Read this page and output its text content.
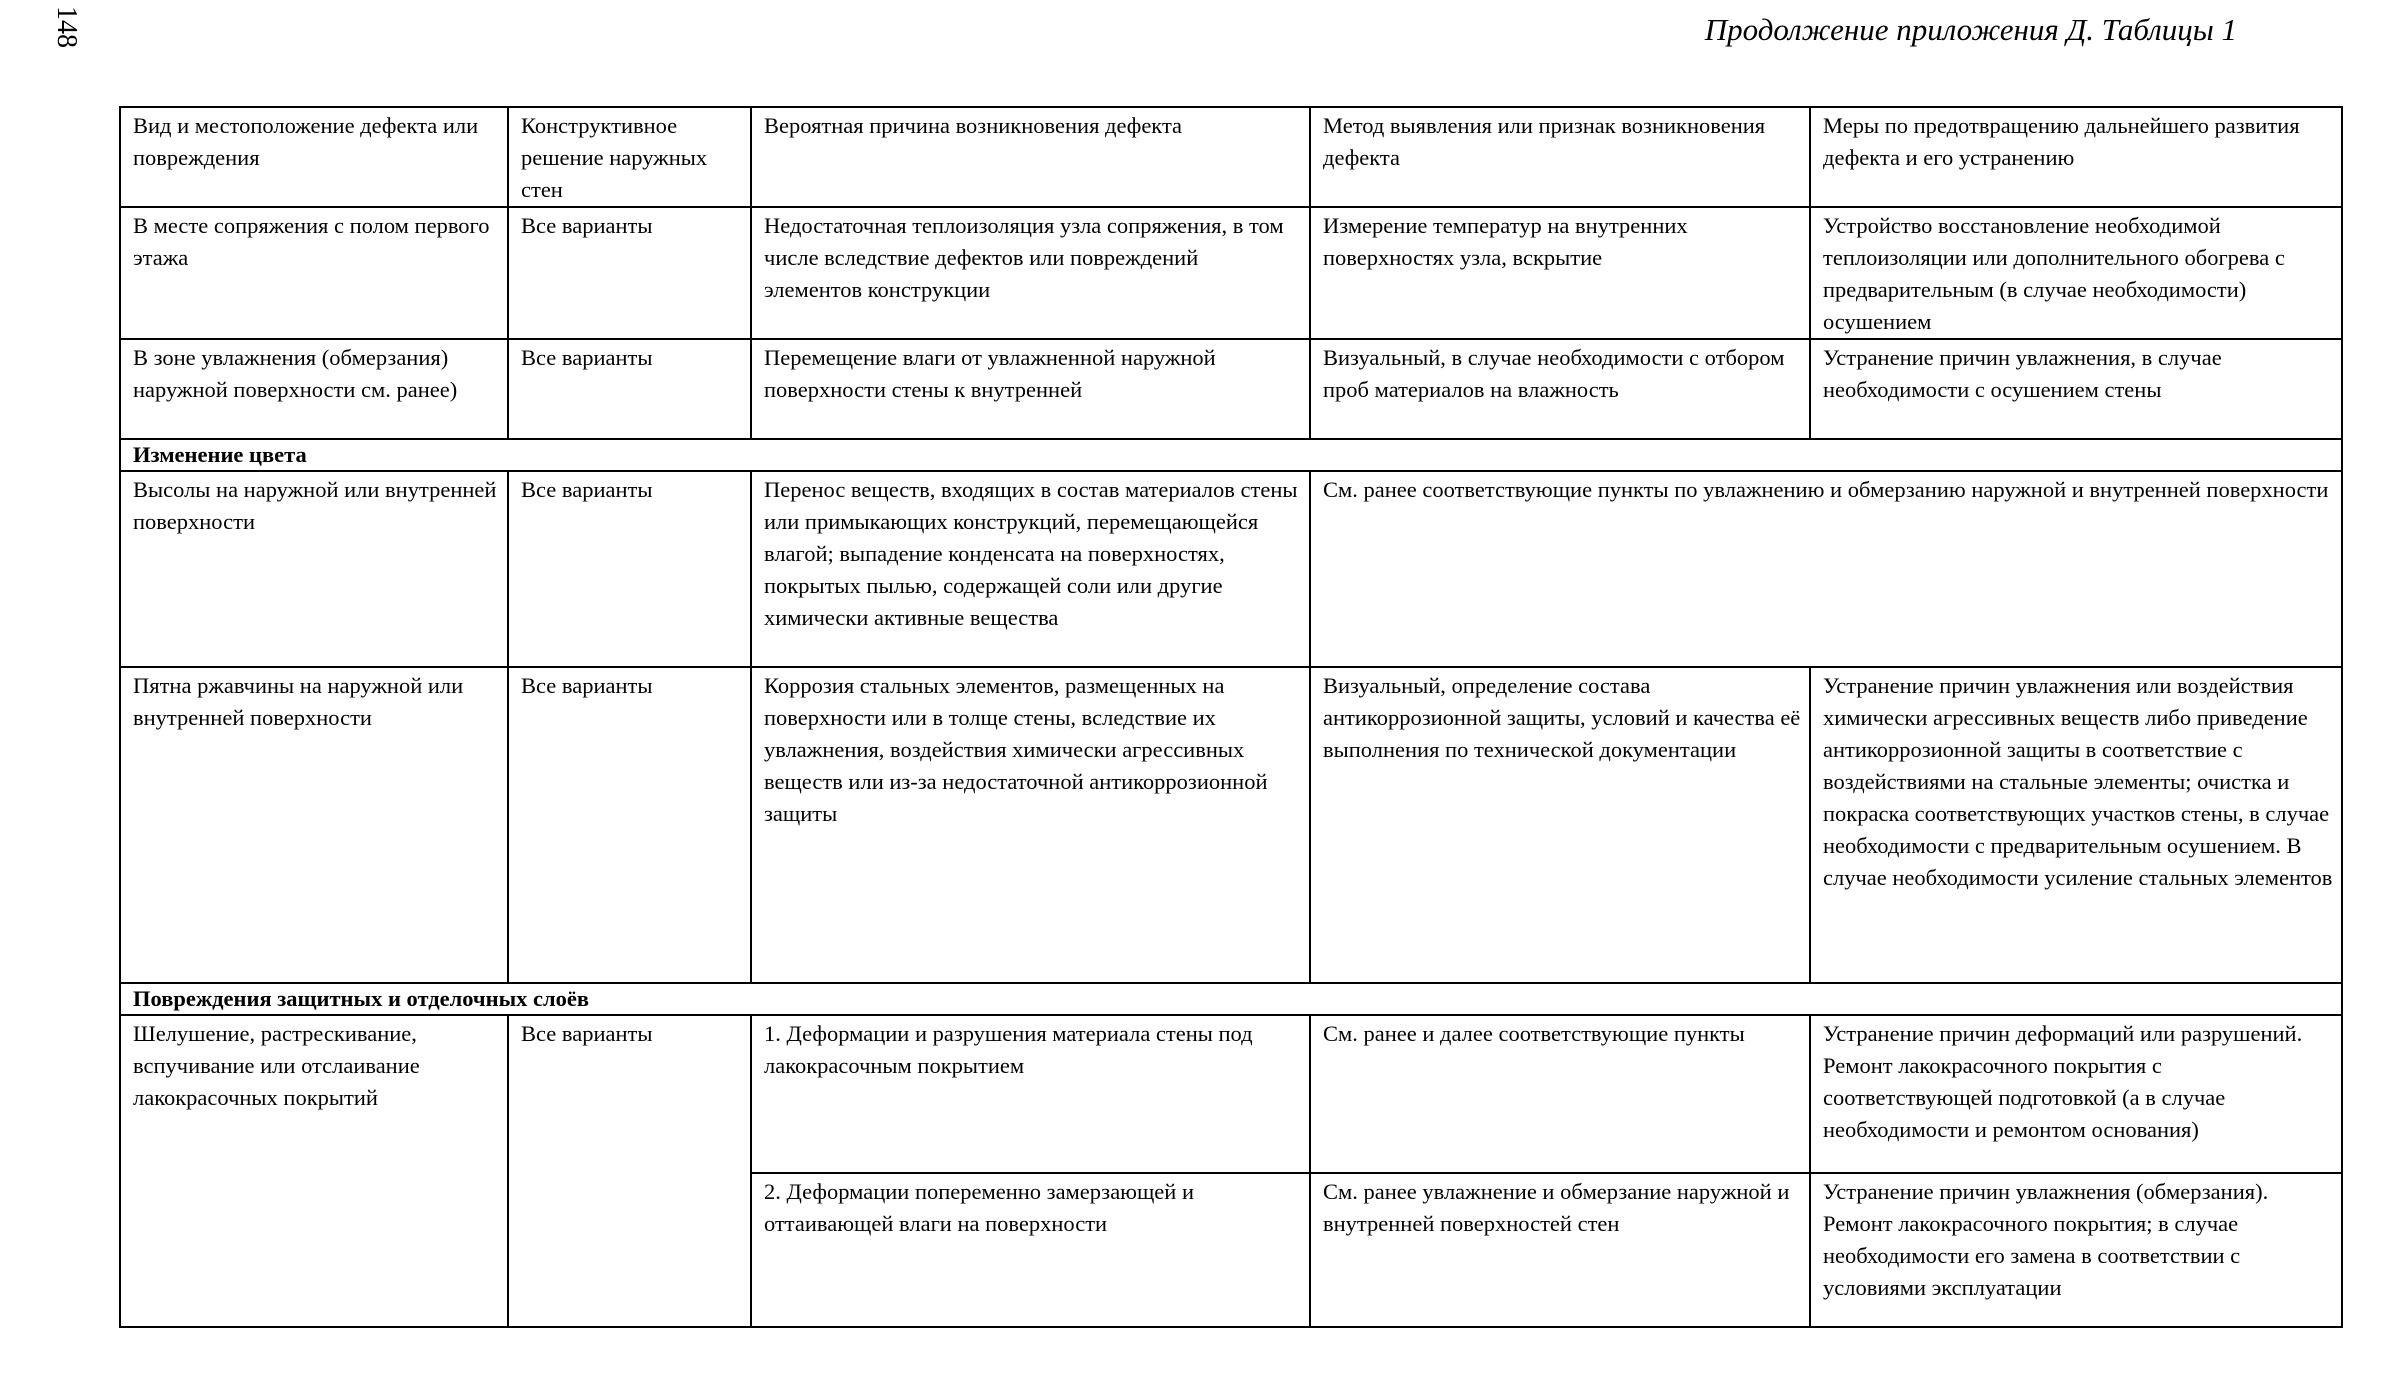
148	Продолжение приложения Д. Таблицы 1
Вид и местоположение дефекта или повреждения	Конструктивное решение наружных стен	Вероятная причина возникновения дефекта	Метод выявления или признак возникновения дефекта	Меры по предотвращению дальнейшего развития дефекта и его устранению
В месте сопряжения с полом первого этажа	Все варианты	Недостаточная теплоизоляция узла сопряжения, в том числе вследствие дефектов или повреждений элементов конструкции	Измерение температур на внутренних поверхностях узла, вскрытие	Устройство восстановление необходимой теплоизоляции или дополнительного обогрева с предварительным (в случае необходимости) осушением
В зоне увлажнения (обмерзания) наружной поверхности см. ранее)	Все варианты	Перемещение влаги от увлажненной наружной поверхности стены к внутренней	Визуальный, в случае необходимости с отбором проб материалов на влажность	Устранение причин увлажнения, в случае необходимости с осушением стены
Изменение цвета				
Высолы на наружной или внутренней поверхности	Все варианты	Перенос веществ, входящих в состав материалов стены или примыкающих конструкций, перемещающейся влагой; выпадение конденсата на поверхностях, покрытых пылью, содержащей соли или другие химически активные вещества	См. ранее соответствующие пункты по увлажнению и обмерзанию наружной и внутренней поверхности	
Пятна ржавчины на наружной или внутренней поверхности	Все варианты	Коррозия стальных элементов, размещенных на поверхности или в толще стены, вследствие их увлажнения, воздействия химически агрессивных веществ или из-за недостаточной антикоррозионной защиты	Визуальный, определение состава антикоррозионной защиты, условий и качества её выполнения по технической документации	Устранение причин увлажнения или воздействия химически агрессивных веществ либо приведение антикоррозионной защиты в соответствие с воздействиями на стальные элементы; очистка и покраска соответствующих участков стены, в случае необходимости с предварительным осушением. В случае необходимости усиление стальных элементов
Повреждения защитных и отделочных слоёв				
Шелушение, растрескивание, вспучивание или отслаивание лакокрасочных покрытий	Все варианты	1. Деформации и разрушения материала стены под лакокрасочным покрытием	См. ранее и далее соответствующие пункты	Устранение причин деформаций или разрушений. Ремонт лакокрасочного покрытия с соответствующей подготовкой (а в случае необходимости и ремонтом основания)
		2. Деформации попеременно замерзающей и оттаивающей влаги на поверхности	См. ранее увлажнение и обмерзание наружной и внутренней поверхностей стен	Устранение причин увлажнения (обмерзания). Ремонт лакокрасочного покрытия; в случае необходимости его замена в соответствии с условиями эксплуатации
